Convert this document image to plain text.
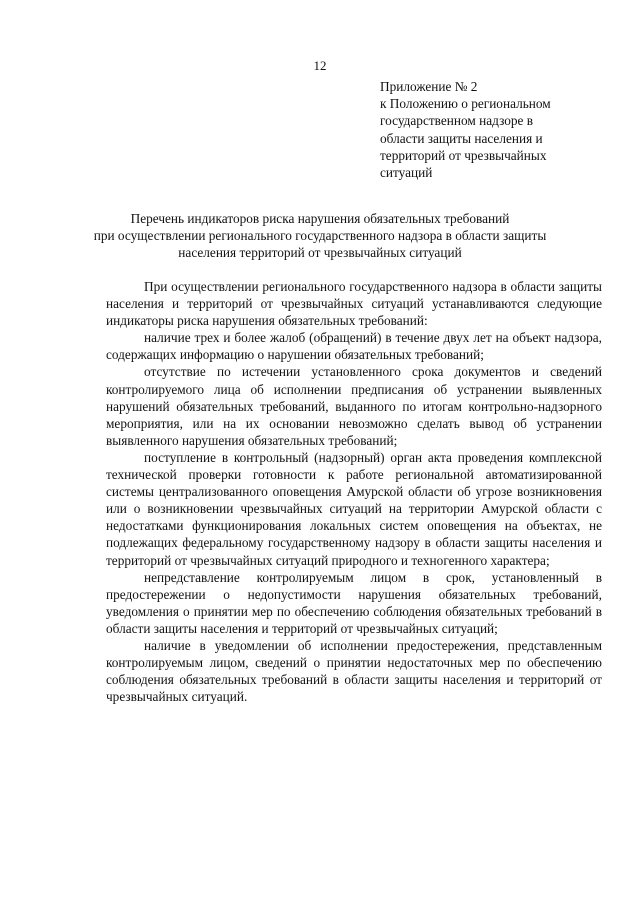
12
Приложение № 2
к Положению о региональном
государственном надзоре в
области защиты населения и
территорий от чрезвычайных
ситуаций
Перечень индикаторов риска нарушения обязательных требований
при осуществлении регионального государственного надзора в области защиты
населения территорий от чрезвычайных ситуаций

При осуществлении регионального государственного надзора в области защиты населения и территорий от чрезвычайных ситуаций устанавливаются следующие индикаторы риска нарушения обязательных требований:

наличие трех и более жалоб (обращений) в течение двух лет на объект надзора, содержащих информацию о нарушении обязательных требований;

отсутствие по истечении установленного срока документов и сведений контролируемого лица об исполнении предписания об устранении выявленных нарушений обязательных требований, выданного по итогам контрольно-надзорного мероприятия, или на их основании невозможно сделать вывод об устранении выявленного нарушения обязательных требований;

поступление в контрольный (надзорный) орган акта проведения комплексной технической проверки готовности к работе региональной автоматизированной системы централизованного оповещения Амурской области об угрозе возникновения или о возникновении чрезвычайных ситуаций на территории Амурской области с недостатками функционирования локальных систем оповещения на объектах, не подлежащих федеральному государственному надзору в области защиты населения и территорий от чрезвычайных ситуаций природного и техногенного характера;

непредставление контролируемым лицом в срок, установленный в предостережении о недопустимости нарушения обязательных требований, уведомления о принятии мер по обеспечению соблюдения обязательных требований в области защиты населения и территорий от чрезвычайных ситуаций;

наличие в уведомлении об исполнении предостережения, представленным контролируемым лицом, сведений о принятии недостаточных мер по обеспечению соблюдения обязательных требований в области защиты населения и территорий от чрезвычайных ситуаций.
